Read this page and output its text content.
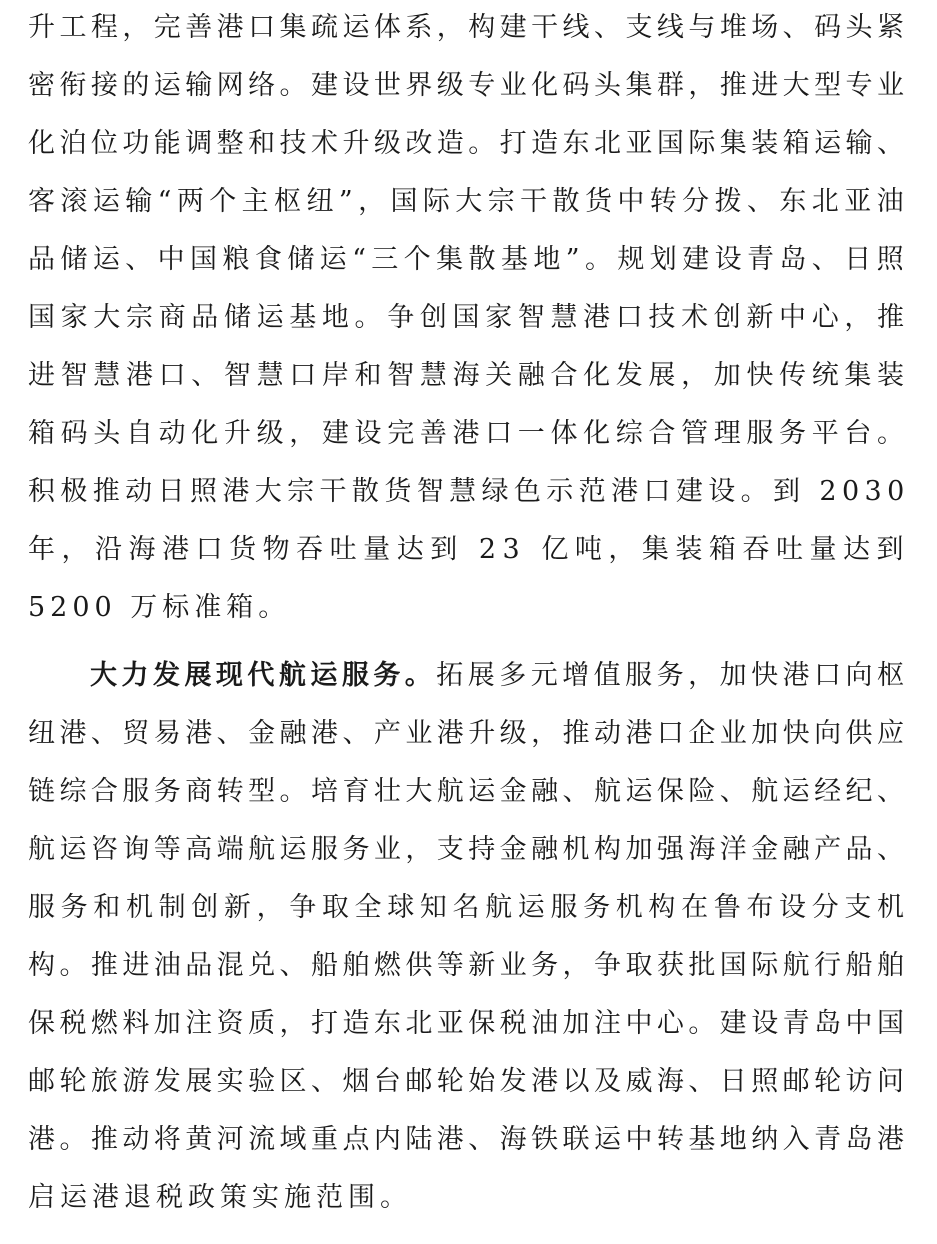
升工程，完善港口集疏运体系，构建干线、支线与堆场、码头紧
密衔接的运输网络。建设世界级专业化码头集群，推进大型专业
化泊位功能调整和技术升级改造。打造东北亚国际集装箱运输、
客滚运输“两个主枢纽”，国际大宗干散货中转分拨、东北亚油
品储运、中国粮食储运“三个集散基地”。规划建设青岛、日照
国家大宗商品储运基地。争创国家智慧港口技术创新中心，推
进智慧港口、智慧口岸和智慧海关融合化发展，加快传统集装
箱码头自动化升级，建设完善港口一体化综合管理服务平台。
积极推动日照港大宗干散货智慧绿色示范港口建设。到 2030
年，沿海港口货物吞吐量达到 23 亿吨，集装箱吞吐量达到
5200 万标准箱。
大力发展现代航运服务。拓展多元增值服务，加快港口向枢
纽港、贸易港、金融港、产业港升级，推动港口企业加快向供应
链综合服务商转型。培育壮大航运金融、航运保险、航运经纪、
航运咨询等高端航运服务业，支持金融机构加强海洋金融产品、
服务和机制创新，争取全球知名航运服务机构在鲁布设分支机
构。推进油品混兑、船舶燃供等新业务，争取获批国际航行船舶
保税燃料加注资质，打造东北亚保税油加注中心。建设青岛中国
邮轮旅游发展实验区、烟台邮轮始发港以及威海、日照邮轮访问
港。推动将黄河流域重点内陆港、海铁联运中转基地纳入青岛港
启运港退税政策实施范围。
